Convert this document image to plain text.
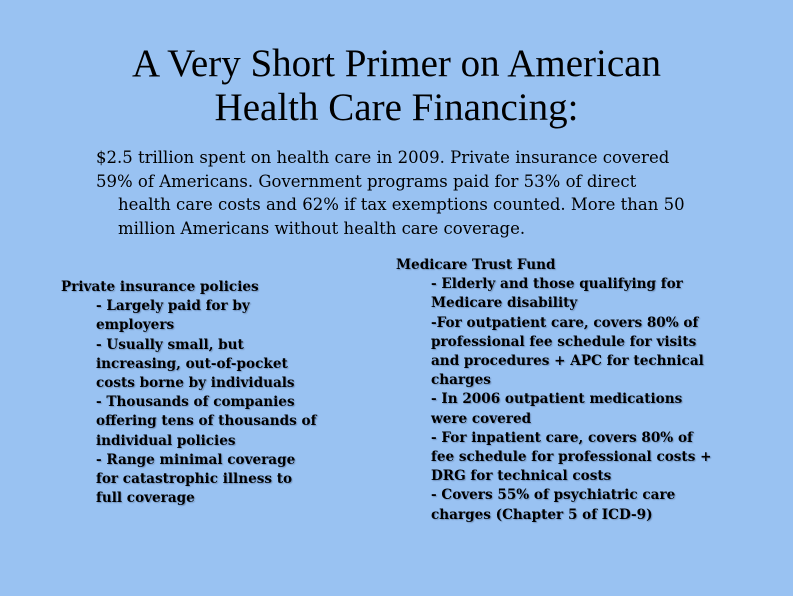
A Very Short Primer on American
Health Care Financing:
$2.5 trillion spent on health care in 2009. Private insurance covered
59% of Americans. Government programs paid for 53% of direct
health care costs and 62% if tax exemptions counted. More than 50
million Americans without health care coverage.
Private insurance policies
- Largely paid for by
employers
- Usually small, but
increasing, out-of-pocket
costs borne by individuals
- Thousands of companies
offering tens of thousands of
individual policies
- Range minimal coverage
for catastrophic illness to
full coverage
Medicare Trust Fund
- Elderly and those qualifying for
Medicare disability
-For outpatient care, covers 80% of
professional fee schedule for visits
and procedures + APC for technical
charges
- In 2006 outpatient medications
were covered
- For inpatient care, covers 80% of
fee schedule for professional costs +
DRG for technical costs
- Covers 55% of psychiatric care
charges (Chapter 5 of ICD-9)
